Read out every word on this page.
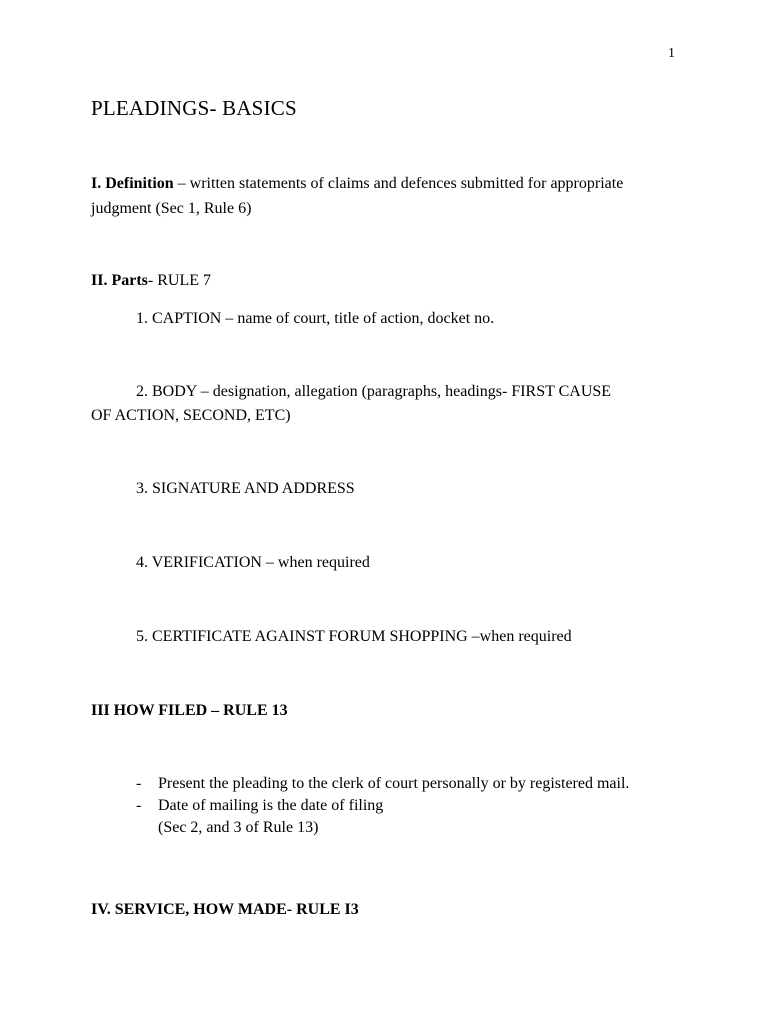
1
PLEADINGS- BASICS
I. Definition – written statements of claims and defences submitted for appropriate
judgment (Sec 1, Rule 6)
II. Parts- RULE 7
1. CAPTION – name of court, title of action, docket no.
2. BODY – designation, allegation (paragraphs, headings- FIRST CAUSE
OF ACTION, SECOND, ETC)
3. SIGNATURE AND ADDRESS
4. VERIFICATION – when required
5. CERTIFICATE AGAINST FORUM SHOPPING –when required
III HOW FILED – RULE 13
- Present the pleading to the clerk of court personally or by registered mail.
- Date of mailing is the date of filing
(Sec 2, and 3 of Rule 13)
IV. SERVICE, HOW MADE- RULE I3
